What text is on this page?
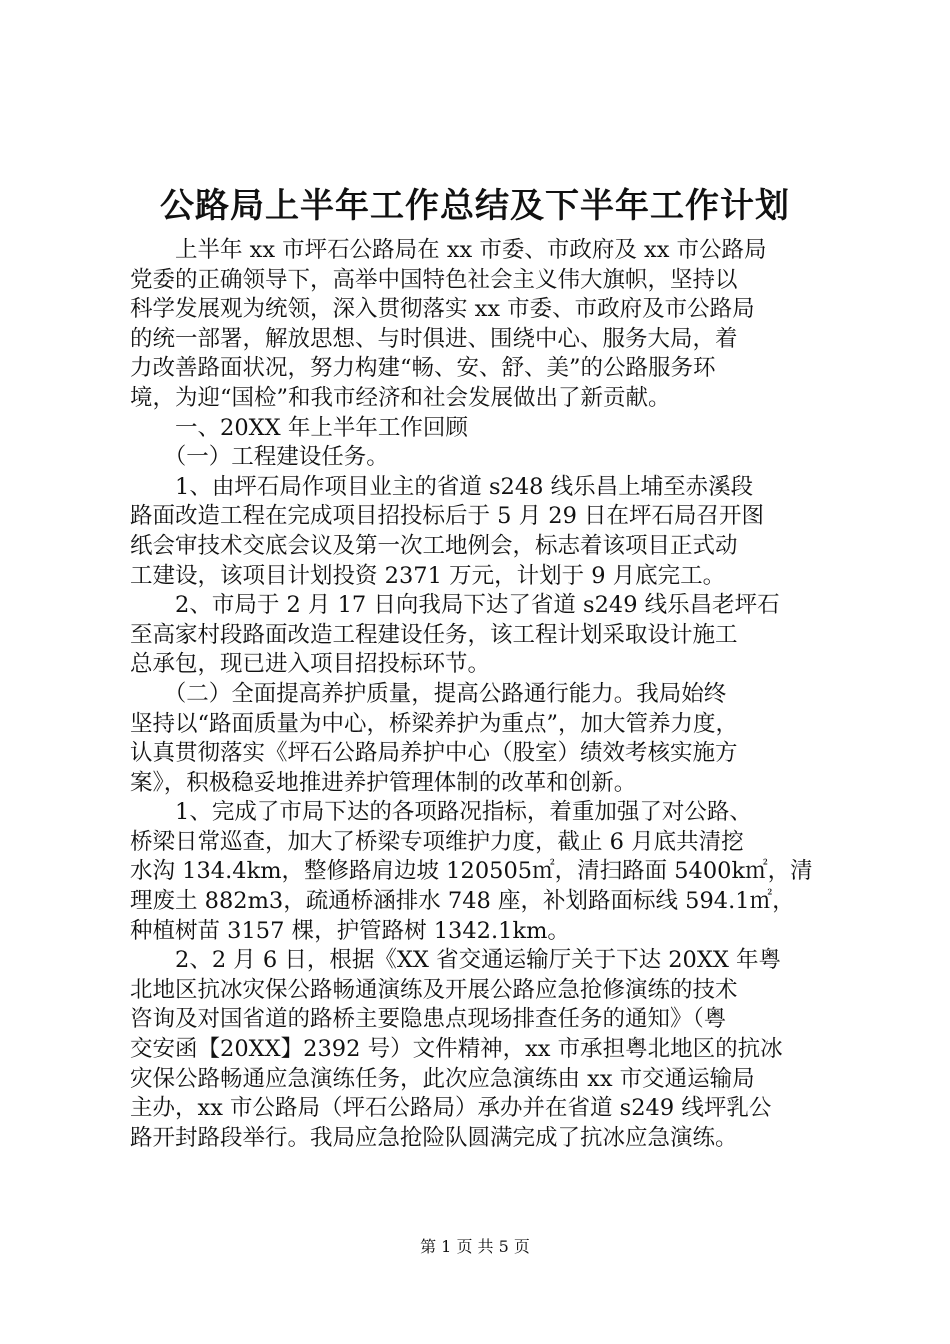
公路局上半年工作总结及下半年工作计划

　　上半年 xx 市坪石公路局在 xx 市委、市政府及 xx 市公路局

党委的正确领导下，高举中国特色社会主义伟大旗帜，坚持以

科学发展观为统领，深入贯彻落实 xx 市委、市政府及市公路局

的统一部署，解放思想、与时俱进、围绕中心、服务大局，着

力改善路面状况，努力构建“畅、安、舒、美”的公路服务环

境，为迎“国检”和我市经济和社会发展做出了新贡献。

　　一、20XX 年上半年工作回顾

　　（一）工程建设任务。

　　1、由坪石局作项目业主的省道 s248 线乐昌上埔至赤溪段

路面改造工程在完成项目招投标后于 5 月 29 日在坪石局召开图

纸会审技术交底会议及第一次工地例会，标志着该项目正式动

工建设，该项目计划投资 2371 万元，计划于 9 月底完工。

　　2、市局于 2 月 17 日向我局下达了省道 s249 线乐昌老坪石

至高家村段路面改造工程建设任务，该工程计划采取设计施工

总承包，现已进入项目招投标环节。

　　（二）全面提高养护质量，提高公路通行能力。我局始终

坚持以“路面质量为中心，桥梁养护为重点”，加大管养力度，

认真贯彻落实《坪石公路局养护中心（股室）绩效考核实施方

案》，积极稳妥地推进养护管理体制的改革和创新。

　　1、完成了市局下达的各项路况指标，着重加强了对公路、

桥梁日常巡查，加大了桥梁专项维护力度，截止 6 月底共清挖

水沟 134.4km，整修路肩边坡 120505㎡，清扫路面 5400k㎡，清

理废土 882m3，疏通桥涵排水 748 座，补划路面标线 594.1㎡，

种植树苗 3157 棵，护管路树 1342.1km。

　　2、2 月 6 日，根据《XX 省交通运输厅关于下达 20XX 年粤

北地区抗冰灾保公路畅通演练及开展公路应急抢修演练的技术

咨询及对国省道的路桥主要隐患点现场排查任务的通知》（粤

交安函【20XX】2392 号）文件精神，xx 市承担粤北地区的抗冰

灾保公路畅通应急演练任务，此次应急演练由 xx 市交通运输局

主办，xx 市公路局（坪石公路局）承办并在省道 s249 线坪乳公

路开封路段举行。我局应急抢险队圆满完成了抗冰应急演练。

第 1 页 共 5 页
